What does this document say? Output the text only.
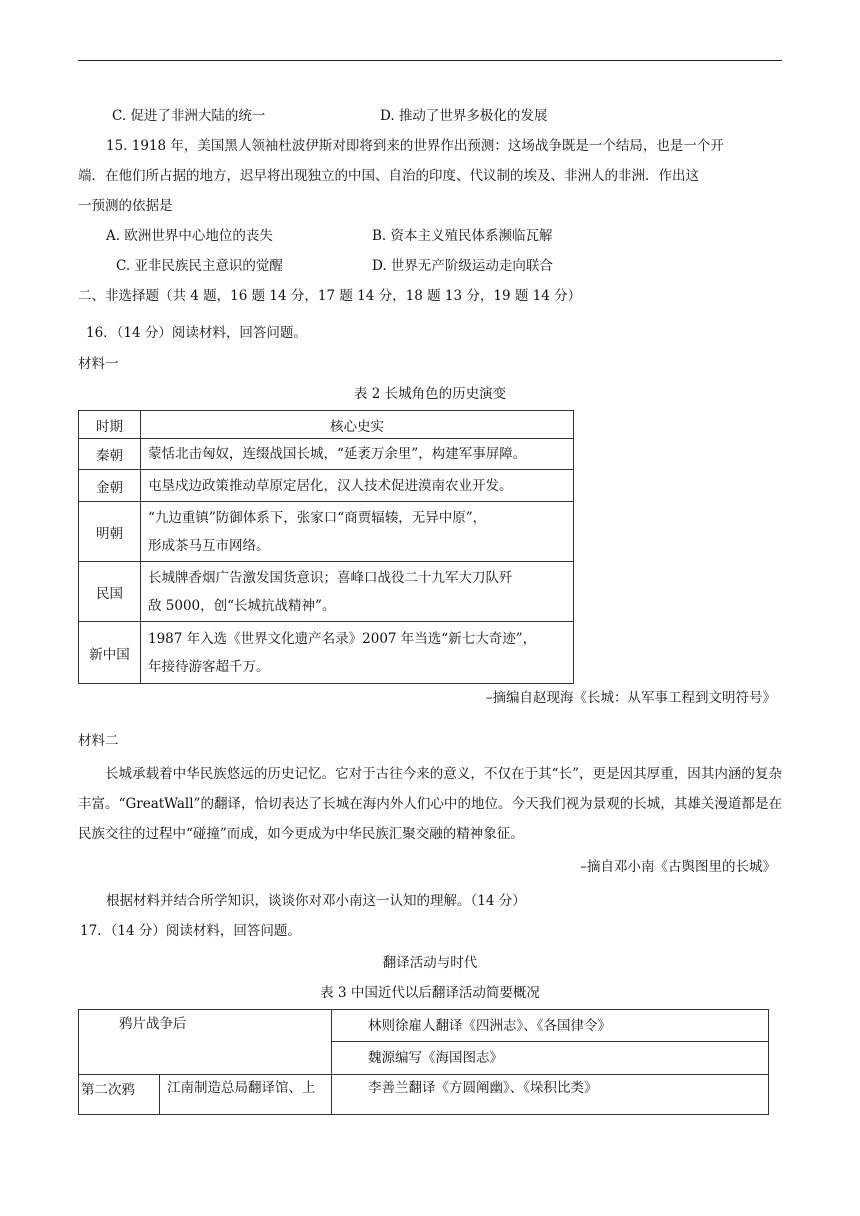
C. 促进了非洲大陆的统一	D. 推动了世界多极化的发展
15. 1918 年，美国黑人领袖杜波伊斯对即将到来的世界作出预测：这场战争既是一个结局，也是一个开
端．在他们所占据的地方，迟早将出现独立的中国、自治的印度、代议制的埃及、非洲人的非洲．作出这
一预测的依据是
A. 欧洲世界中心地位的丧失	B. 资本主义殖民体系濒临瓦解
C. 亚非民族民主意识的觉醒	D. 世界无产阶级运动走向联合
二、非选择题（共 4 题，16 题 14 分，17 题 14 分，18 题 13 分，19 题 14 分）
16．（14 分）阅读材料，回答问题。
材料一
表 2 长城角色的历史演变
时期	核心史实
秦朝	蒙恬北击匈奴，连缀战国长城，“延袤万余里”，构建军事屏障。
金朝	屯垦戍边政策推动草原定居化，汉人技术促进漠南农业开发。
明朝	“九边重镇”防御体系下，张家口“商贾辐辏，无异中原”，
形成茶马互市网络。

民国	长城牌香烟广告激发国货意识；喜峰口战役二十九军大刀队歼
敌 5000，创“长城抗战精神”。

新中国	1987 年入选《世界文化遗产名录》2007 年当选“新七大奇迹”，
年接待游客超千万。
–摘编自赵现海《长城：从军事工程到文明符号》
材料二
长城承载着中华民族悠远的历史记忆。它对于古往今来的意义，不仅在于其“长”，更是因其厚重，因其内涵的复杂丰富。“GreatWall”的翻译，恰切表达了长城在海内外人们心中的地位。今天我们视为景观的长城，其雄关漫道都是在民族交往的过程中“碰撞”而成，如今更成为中华民族汇聚交融的精神象征。
–摘自邓小南《古舆图里的长城》
根据材料并结合所学知识，谈谈你对邓小南这一认知的理解。（14 分）
17．（14 分）阅读材料，回答问题。
翻译活动与时代
表 3 中国近代以后翻译活动简要概况
鸦片战争后		林则徐雇人翻译《四洲志》、《各国律令》
		魏源编写《海国图志》
第二次鸦	江南制造总局翻译馆、上	李善兰翻译《方圆阐幽》、《垛积比类》
